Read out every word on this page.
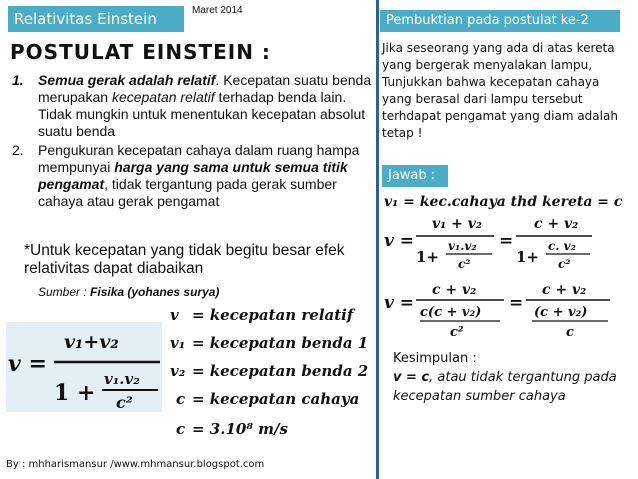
Relativitas Einstein	Maret 2014
Pembuktian pada postulat ke-2
POSTULAT EINSTEIN :
1.	Semua gerak adalah relatif. Kecepatan suatu benda merupakan kecepatan relatif terhadap benda lain. Tidak mungkin untuk menentukan kecepatan absolut suatu benda
2.	Pengukuran kecepatan cahaya dalam ruang hampa mempunyai harga yang sama untuk semua titik pengamat, tidak tergantung pada gerak sumber cahaya atau gerak pengamat
*Untuk kecepatan yang tidak begitu besar efek relativitas dapat diabaikan
Sumber : Fisika (yohanes surya)
v =
v₁+v₂
1 +
v₁.v₂
c²
v = kecepatan relatif
v₁ = kecepatan benda 1
v₂ = kecepatan benda 2
c = kecepatan cahaya
c = 3.10⁸ m/s
Jika seseorang yang ada di atas kereta yang bergerak menyalakan lampu, Tunjukkan bahwa kecepatan cahaya yang berasal dari lampu tersebut terhdapat pengamat yang diam adalah tetap !
Jawab :
v₁ = kec.cahaya thd kereta = c
v =
v₁ + v₂
1+
v₁.v₂
c²
=
c + v₂
1+
c. v₂
c²
v =
c + v₂
c(c + v₂)
c²
=
c + v₂
(c + v₂)
c
Kesimpulan :
v = c, atau tidak tergantung pada kecepatan sumber cahaya
By : mhharismansur /www.mhmansur.blogspot.com
